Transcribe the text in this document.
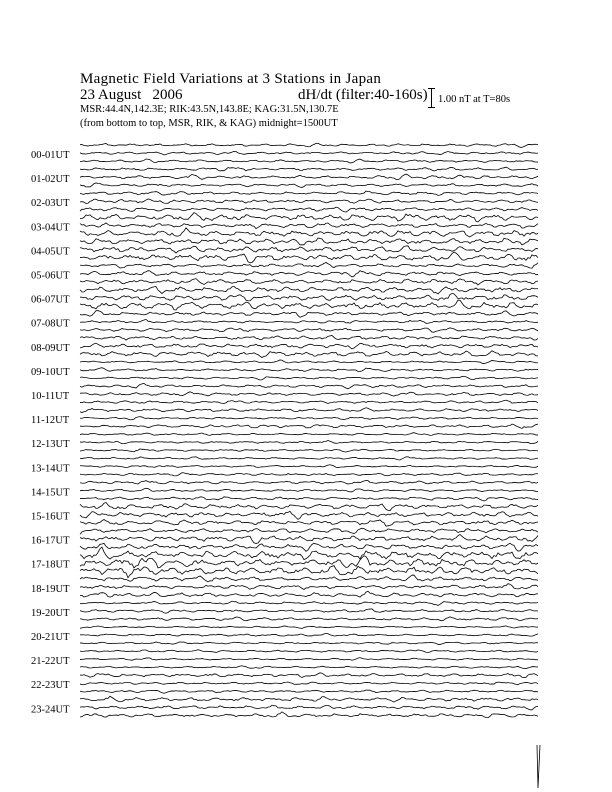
Magnetic Field Variations at 3 Stations in Japan
23 August   2006	dH/dt (filter:40-160s)
MSR:44.4N,142.3E; RIK:43.5N,143.8E; KAG:31.5N,130.7E
(from bottom to top, MSR, RIK, & KAG) midnight=1500UT
1.00 nT at T=80s
00-01UT
01-02UT
02-03UT
03-04UT
04-05UT
05-06UT
06-07UT
07-08UT
08-09UT
09-10UT
10-11UT
11-12UT
12-13UT
13-14UT
14-15UT
15-16UT
16-17UT
17-18UT
18-19UT
19-20UT
20-21UT
21-22UT
22-23UT
23-24UT
